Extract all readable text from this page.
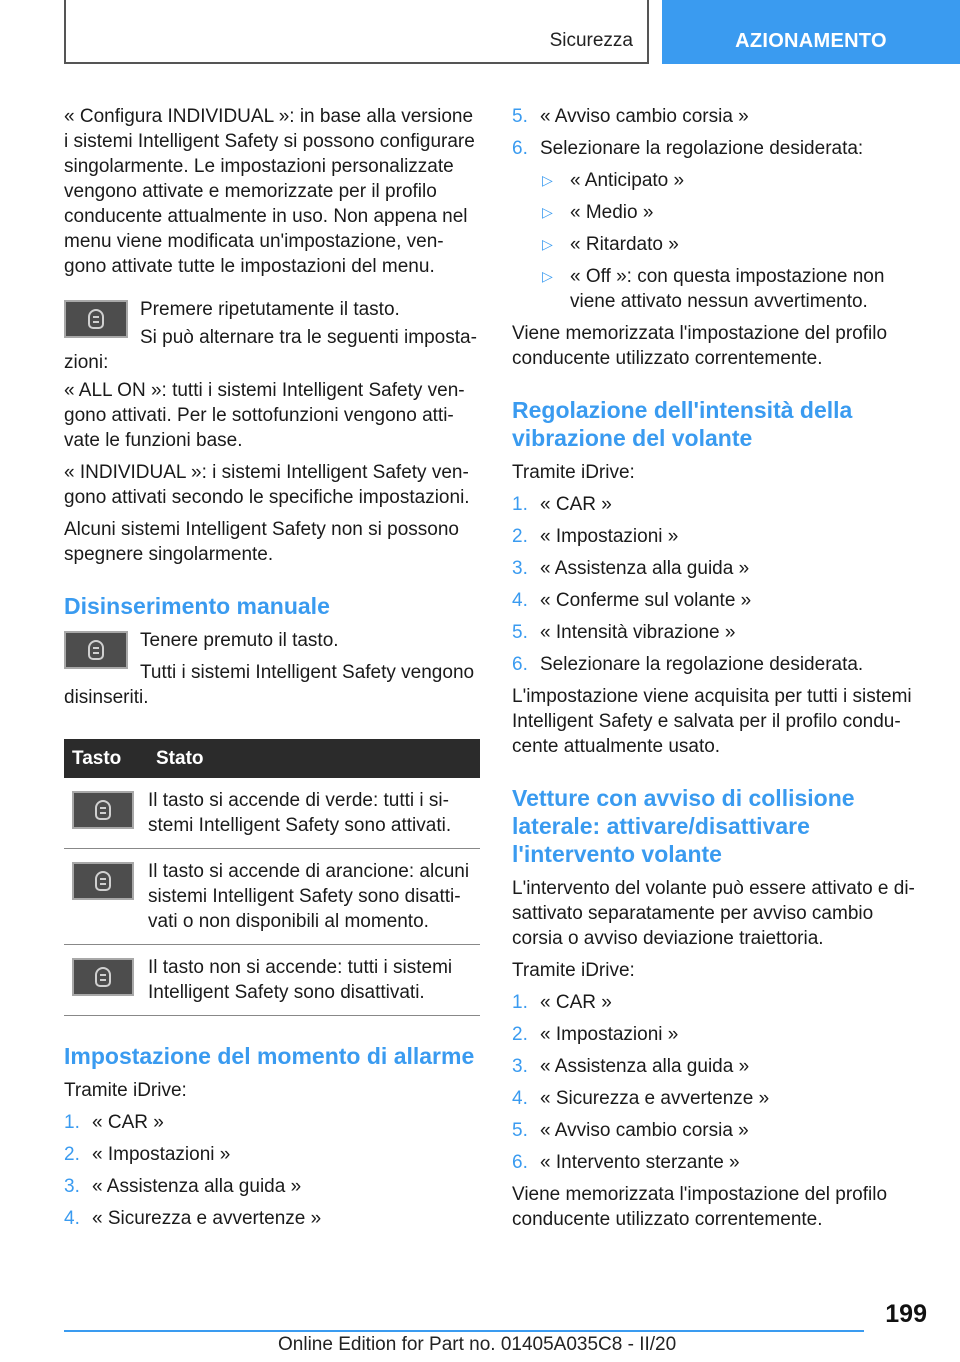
Sicurezza	AZIONAMENTO

« Configura INDIVIDUAL »: in base alla versione i sistemi Intelligent Safety si possono configurare singolarmente. Le impostazioni personalizzate vengono attivate e memorizzate per il profilo conducente attualmente in uso. Non appena nel menu viene modificata un'impostazione, ven-gono attivate tutte le impostazioni del menu.

Premere ripetutamente il tasto.

Si può alternare tra le seguenti imposta-zioni:

« ALL ON »: tutti i sistemi Intelligent Safety ven-gono attivati. Per le sottofunzioni vengono atti-vate le funzioni base.

« INDIVIDUAL »: i sistemi Intelligent Safety ven-gono attivati secondo le specifiche impostazioni.

Alcuni sistemi Intelligent Safety non si possono spegnere singolarmente.

Disinserimento manuale

Tenere premuto il tasto.

Tutti i sistemi Intelligent Safety vengono disinseriti.

Tasto	Stato

	Il tasto si accende di verde: tutti i si-stemi Intelligent Safety sono attivati.

	Il tasto si accende di arancione: alcuni sistemi Intelligent Safety sono disatti-vati o non disponibili al momento.

	Il tasto non si accende: tutti i sistemi Intelligent Safety sono disattivati.
Impostazione del momento di allarme

Tramite iDrive:

1. « CAR »
2. « Impostazioni »
3. « Assistenza alla guida »
4. « Sicurezza e avvertenze »
5. « Avviso cambio corsia »
6. Selezionare la regolazione desiderata:
▷ « Anticipato »
▷ « Medio »
▷ « Ritardato »
▷ « Off »: con questa impostazione non viene attivato nessun avvertimento.

Viene memorizzata l'impostazione del profilo conducente utilizzato correntemente.

Regolazione dell'intensità della vibrazione del volante

Tramite iDrive:

1. « CAR »
2. « Impostazioni »
3. « Assistenza alla guida »
4. « Conferme sul volante »
5. « Intensità vibrazione »
6. Selezionare la regolazione desiderata.

L'impostazione viene acquisita per tutti i sistemi Intelligent Safety e salvata per il profilo condu-cente attualmente usato.

Vetture con avviso di collisione laterale: attivare/disattivare l'intervento volante

L'intervento del volante può essere attivato e di-sattivato separatamente per avviso cambio corsia o avviso deviazione traiettoria.

Tramite iDrive:

1. « CAR »
2. « Impostazioni »
3. « Assistenza alla guida »
4. « Sicurezza e avvertenze »
5. « Avviso cambio corsia »
6. « Intervento sterzante »

Viene memorizzata l'impostazione del profilo conducente utilizzato correntemente.

199
Online Edition for Part no. 01405A035C8 - II/20 www.carmanualsonline.info
